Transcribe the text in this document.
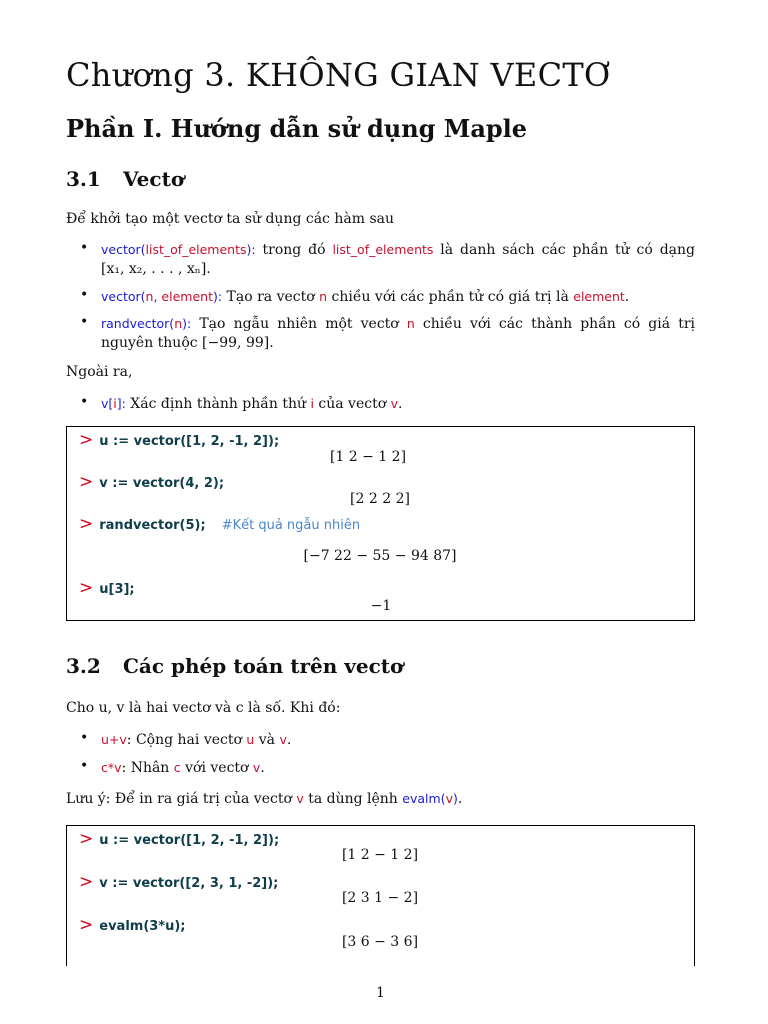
Chương 3. KHÔNG GIAN VECTƠ
Phần I. Hướng dẫn sử dụng Maple
3.1 Vectơ
Để khởi tạo một vectơ ta sử dụng các hàm sau
• vector(list_of_elements): trong đó list_of_elements là danh sách các phần tử có dạng [x₁, x₂, . . . , xₙ].
• vector(n, element): Tạo ra vectơ n chiều với các phần tử có giá trị là element.
• randvector(n): Tạo ngẫu nhiên một vectơ n chiều với các thành phần có giá trị nguyên thuộc [−99, 99].
Ngoài ra,
• v[i]: Xác định thành phần thứ i của vectơ v.
> u := vector([1, 2, -1, 2]);
[1 2 − 1 2]
> v := vector(4, 2);
[2 2 2 2]
> randvector(5); #Kết quả ngẫu nhiên
[−7 22 − 55 − 94 87]
> u[3];
−1
3.2 Các phép toán trên vectơ
Cho u, v là hai vectơ và c là số. Khi đó:
• u+v: Cộng hai vectơ u và v.
• c*v: Nhân c với vectơ v.
Lưu ý: Để in ra giá trị của vectơ v ta dùng lệnh evalm(v).
> u := vector([1, 2, -1, 2]);
[1 2 − 1 2]
> v := vector([2, 3, 1, -2]);
[2 3 1 − 2]
> evalm(3*u);
[3 6 − 3 6]
1
